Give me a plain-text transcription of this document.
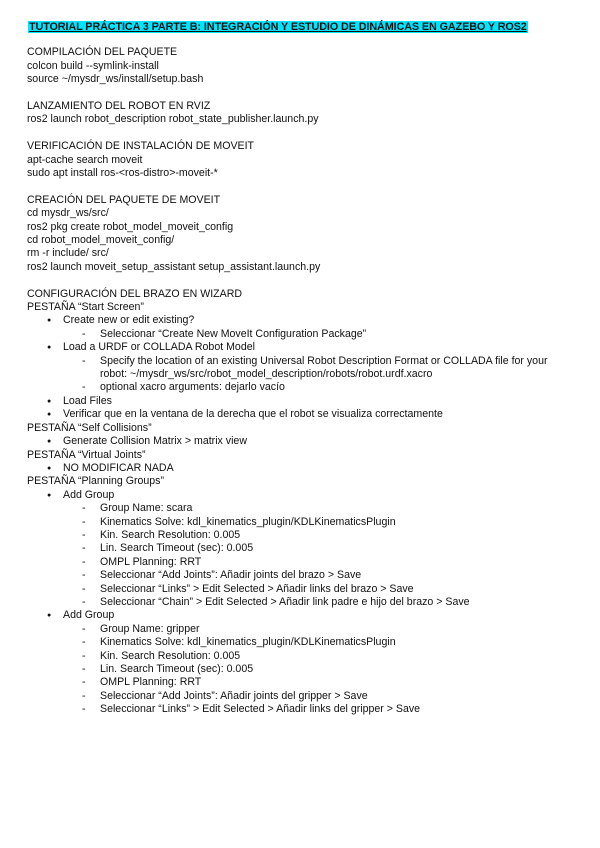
TUTORIAL PRÁCTICA 3 PARTE B: INTEGRACIÓN Y ESTUDIO DE DINÁMICAS EN GAZEBO Y ROS2
COMPILACIÓN DEL PAQUETE
colcon build --symlink-install
source ~/mysdr_ws/install/setup.bash
LANZAMIENTO DEL ROBOT EN RVIZ
ros2 launch robot_description robot_state_publisher.launch.py
VERIFICACIÓN DE INSTALACIÓN DE MOVEIT
apt-cache search moveit
sudo apt install ros-<ros-distro>-moveit-*
CREACIÓN DEL PAQUETE DE MOVEIT
cd mysdr_ws/src/
ros2 pkg create robot_model_moveit_config
cd robot_model_moveit_config/
rm -r include/ src/
ros2 launch moveit_setup_assistant setup_assistant.launch.py
CONFIGURACIÓN DEL BRAZO EN WIZARD
PESTAÑA “Start Screen”
● Create new or edit existing?
- Seleccionar “Create New MoveIt Configuration Package”
● Load a URDF or COLLADA Robot Model
- Specify the location of an existing Universal Robot Description Format or COLLADA file for your robot: ~/mysdr_ws/src/robot_model_description/robots/robot.urdf.xacro
- optional xacro arguments: dejarlo vacío
● Load Files
● Verificar que en la ventana de la derecha que el robot se visualiza correctamente
PESTAÑA “Self Collisions”
● Generate Collision Matrix > matrix view
PESTAÑA “Virtual Joints”
● NO MODIFICAR NADA
PESTAÑA “Planning Groups”
● Add Group
- Group Name: scara
- Kinematics Solve: kdl_kinematics_plugin/KDLKinematicsPlugin
- Kin. Search Resolution: 0.005
- Lin. Search Timeout (sec): 0.005
- OMPL Planning: RRT
- Seleccionar “Add Joints”: Añadir joints del brazo > Save
- Seleccionar “Links” > Edit Selected > Añadir links del brazo > Save
- Seleccionar “Chain” > Edit Selected > Añadir link padre e hijo del brazo > Save
● Add Group
- Group Name: gripper
- Kinematics Solve: kdl_kinematics_plugin/KDLKinematicsPlugin
- Kin. Search Resolution: 0.005
- Lin. Search Timeout (sec): 0.005
- OMPL Planning: RRT
- Seleccionar “Add Joints”: Añadir joints del gripper > Save
- Seleccionar “Links” > Edit Selected > Añadir links del gripper > Save
